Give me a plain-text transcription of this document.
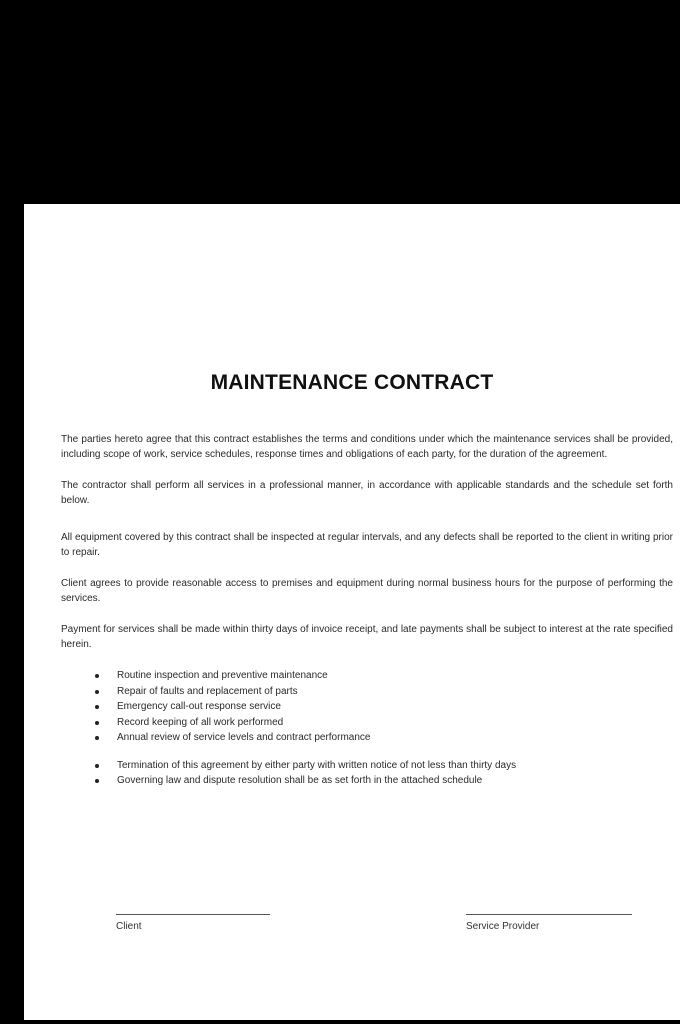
MAINTENANCE CONTRACT

The parties hereto agree that this contract establishes the terms and conditions under which the maintenance services shall be provided, including scope of work, service schedules, response times and obligations of each party, for the duration of the agreement.

The contractor shall perform all services in a professional manner, in accordance with applicable standards and the schedule set forth below.

All equipment covered by this contract shall be inspected at regular intervals, and any defects shall be reported to the client in writing prior to repair.

Client agrees to provide reasonable access to premises and equipment during normal business hours for the purpose of performing the services.

Payment for services shall be made within thirty days of invoice receipt, and late payments shall be subject to interest at the rate specified herein.

Routine inspection and preventive maintenance
Repair of faults and replacement of parts
Emergency call-out response service
Record keeping of all work performed
Annual review of service levels and contract performance
Termination of this agreement by either party with written notice of not less than thirty days
Governing law and dispute resolution shall be as set forth in the attached schedule
Client	Service Provider
